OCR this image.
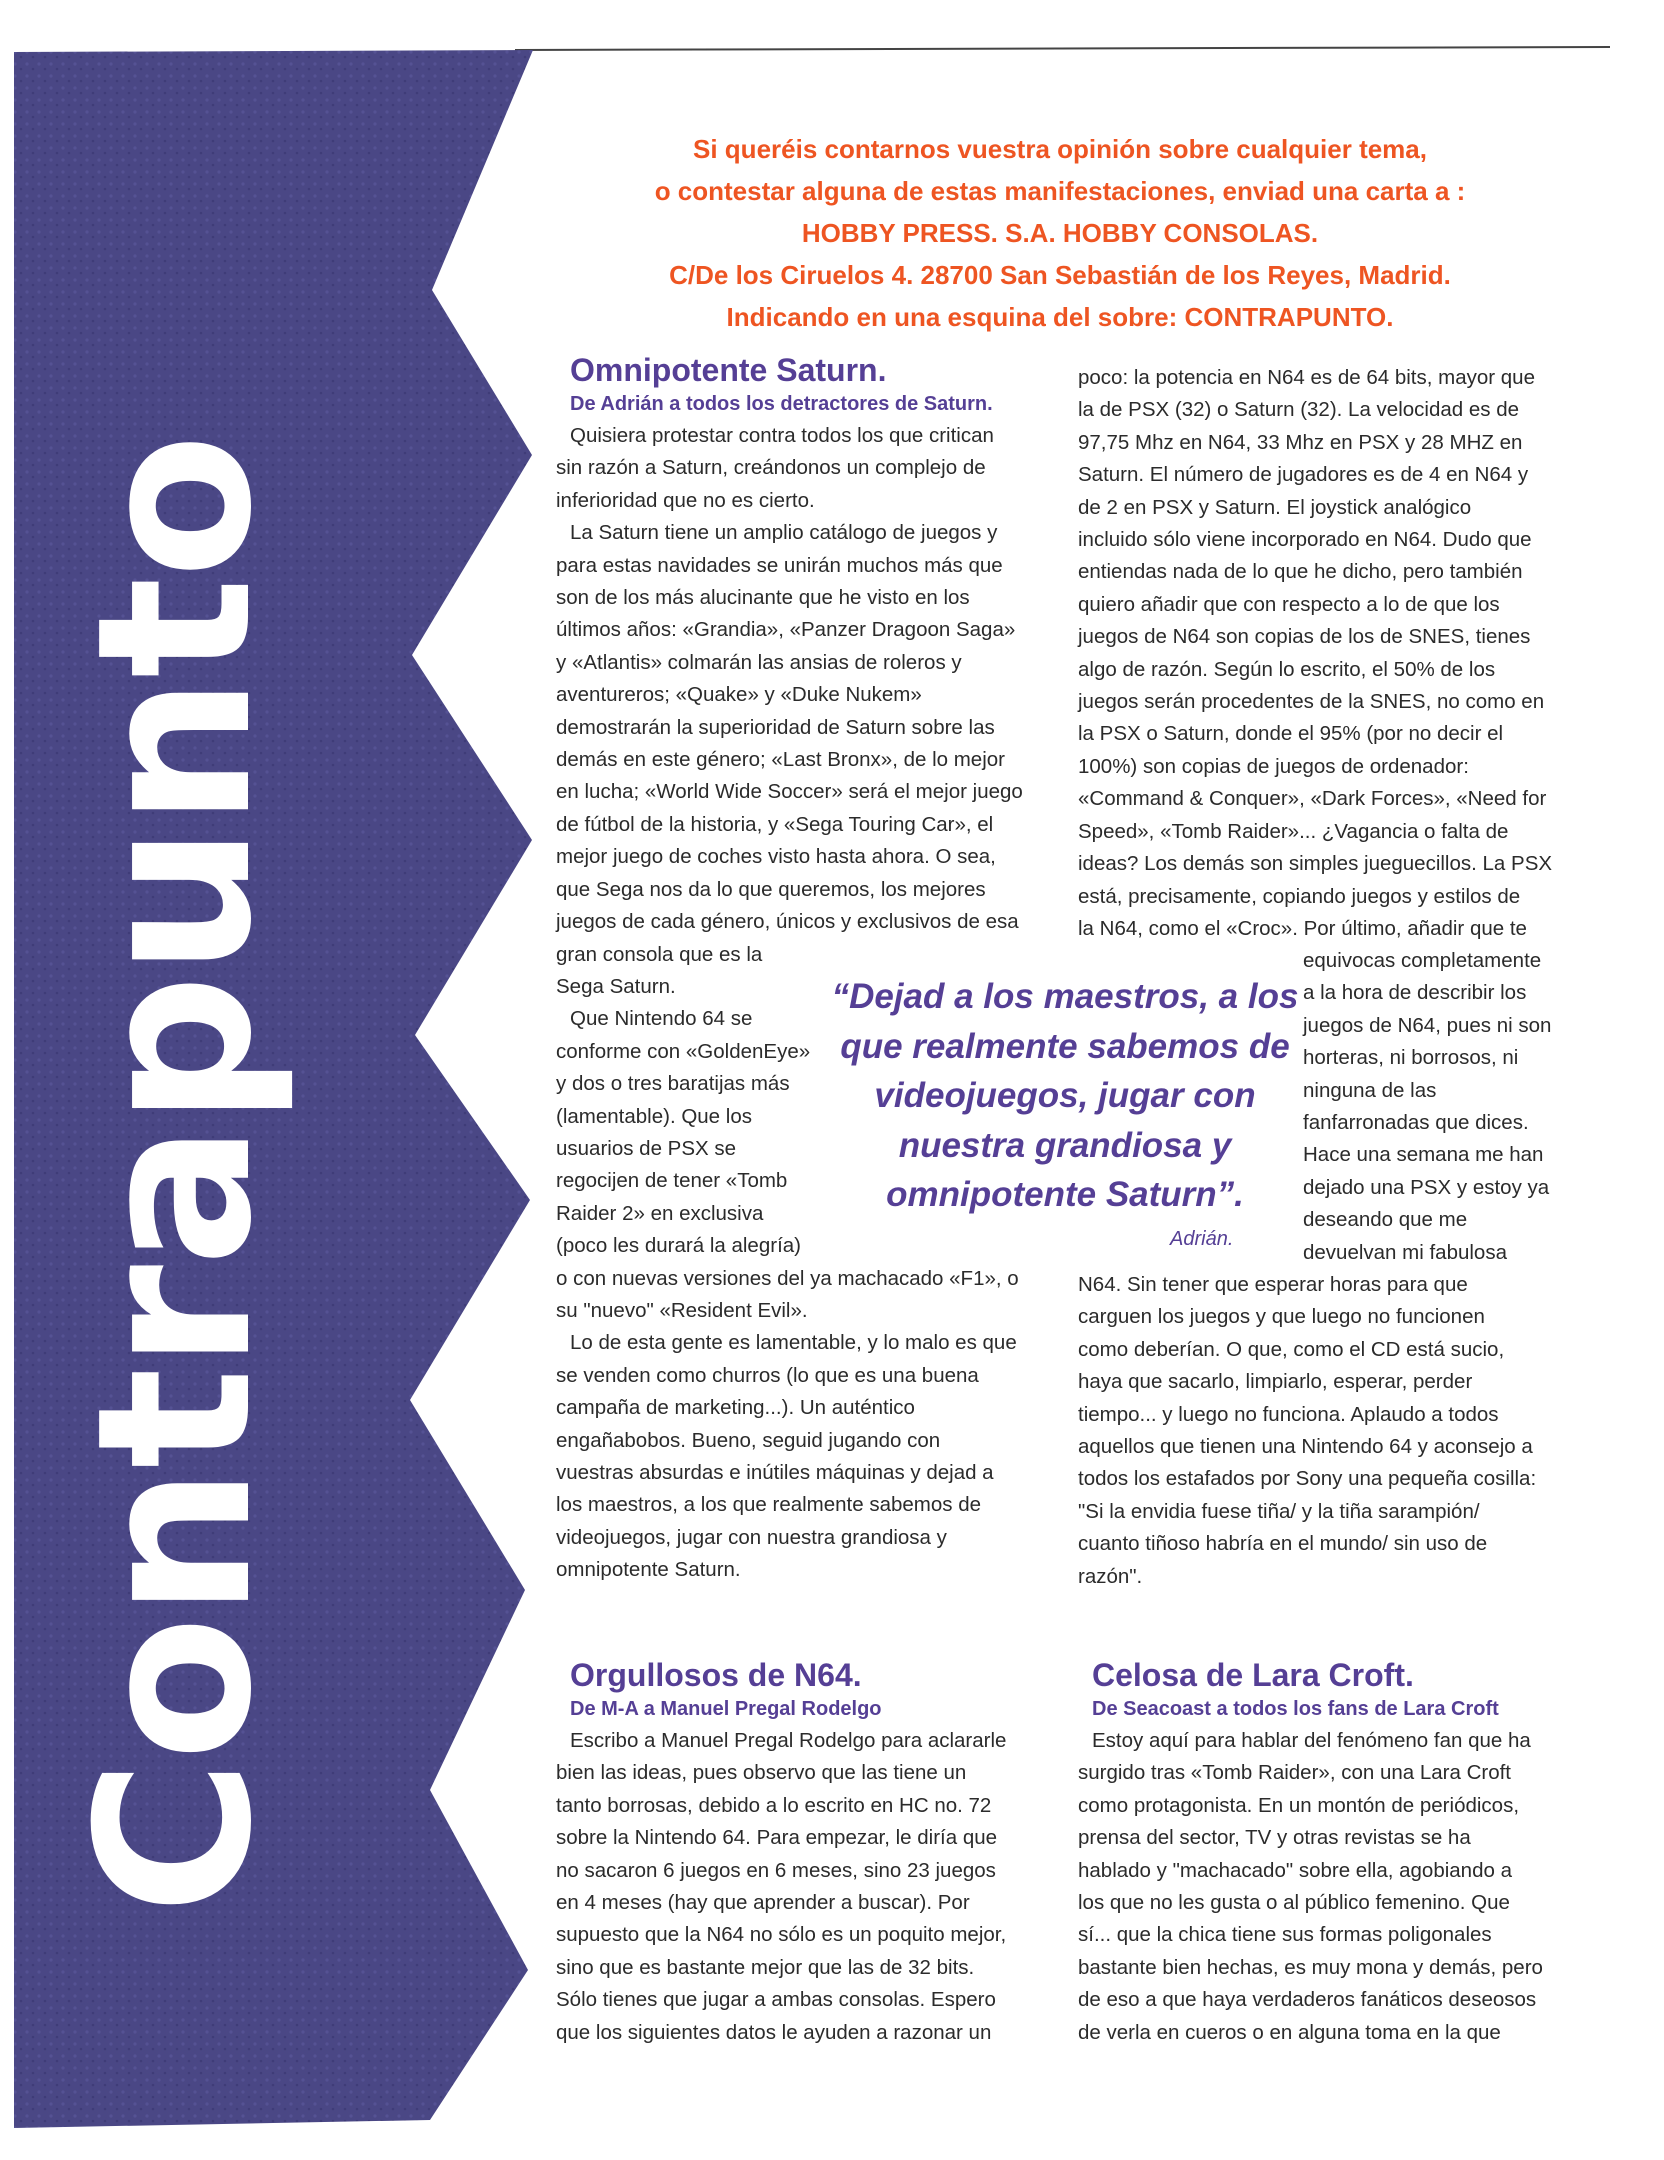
Contrapunto
Si queréis contarnos vuestra opinión sobre cualquier tema,
o contestar alguna de estas manifestaciones, enviad una carta a :
HOBBY PRESS. S.A. HOBBY CONSOLAS.
C/De los Ciruelos 4. 28700 San Sebastián de los Reyes, Madrid.
Indicando en una esquina del sobre: CONTRAPUNTO.
Omnipotente Saturn.
De Adrián a todos los detractores de Saturn.
Quisiera protestar contra todos los que critican
sin razón a Saturn, creándonos un complejo de
inferioridad que no es cierto.
La Saturn tiene un amplio catálogo de juegos y
para estas navidades se unirán muchos más que
son de los más alucinante que he visto en los
últimos años: «Grandia», «Panzer Dragoon Saga»
y «Atlantis» colmarán las ansias de roleros y
aventureros; «Quake» y «Duke Nukem»
demostrarán la superioridad de Saturn sobre las
demás en este género; «Last Bronx», de lo mejor
en lucha; «World Wide Soccer» será el mejor juego
de fútbol de la historia, y «Sega Touring Car», el
mejor juego de coches visto hasta ahora. O sea,
que Sega nos da lo que queremos, los mejores
juegos de cada género, únicos y exclusivos de esa
gran consola que es la
Sega Saturn.
Que Nintendo 64 se
conforme con «GoldenEye»
y dos o tres baratijas más
(lamentable). Que los
usuarios de PSX se
regocijen de tener «Tomb
Raider 2» en exclusiva
(poco les durará la alegría)
o con nuevas versiones del ya machacado «F1», o
su "nuevo" «Resident Evil».
Lo de esta gente es lamentable, y lo malo es que
se venden como churros (lo que es una buena
campaña de marketing...). Un auténtico
engañabobos. Bueno, seguid jugando con
vuestras absurdas e inútiles máquinas y dejad a
los maestros, a los que realmente sabemos de
videojuegos, jugar con nuestra grandiosa y
omnipotente Saturn.
poco: la potencia en N64 es de 64 bits, mayor que
la de PSX (32) o Saturn (32). La velocidad es de
97,75 Mhz en N64, 33 Mhz en PSX y 28 MHZ en
Saturn. El número de jugadores es de 4 en N64 y
de 2 en PSX y Saturn. El joystick analógico
incluido sólo viene incorporado en N64. Dudo que
entiendas nada de lo que he dicho, pero también
quiero añadir que con respecto a lo de que los
juegos de N64 son copias de los de SNES, tienes
algo de razón. Según lo escrito, el 50% de los
juegos serán procedentes de la SNES, no como en
la PSX o Saturn, donde el 95% (por no decir el
100%) son copias de juegos de ordenador:
«Command & Conquer», «Dark Forces», «Need for
Speed», «Tomb Raider»... ¿Vagancia o falta de
ideas? Los demás son simples jueguecillos. La PSX
está, precisamente, copiando juegos y estilos de
la N64, como el «Croc». Por último, añadir que te
equivocas completamente
a la hora de describir los
juegos de N64, pues ni son
horteras, ni borrosos, ni
ninguna de las
fanfarronadas que dices.
Hace una semana me han
dejado una PSX y estoy ya
deseando que me
devuelvan mi fabulosa
N64. Sin tener que esperar horas para que
carguen los juegos y que luego no funcionen
como deberían. O que, como el CD está sucio,
haya que sacarlo, limpiarlo, esperar, perder
tiempo... y luego no funciona. Aplaudo a todos
aquellos que tienen una Nintendo 64 y aconsejo a
todos los estafados por Sony una pequeña cosilla:
"Si la envidia fuese tiña/ y la tiña sarampión/
cuanto tiñoso habría en el mundo/ sin uso de
razón".
“Dejad a los maestros, a los
que realmente sabemos de
videojuegos, jugar con
nuestra grandiosa y
omnipotente Saturn”.
Adrián.
Orgullosos de N64.
De M-A a Manuel Pregal Rodelgo
Escribo a Manuel Pregal Rodelgo para aclararle
bien las ideas, pues observo que las tiene un
tanto borrosas, debido a lo escrito en HC no. 72
sobre la Nintendo 64. Para empezar, le diría que
no sacaron 6 juegos en 6 meses, sino 23 juegos
en 4 meses (hay que aprender a buscar). Por
supuesto que la N64 no sólo es un poquito mejor,
sino que es bastante mejor que las de 32 bits.
Sólo tienes que jugar a ambas consolas. Espero
que los siguientes datos le ayuden a razonar un
Celosa de Lara Croft.
De Seacoast a todos los fans de Lara Croft
Estoy aquí para hablar del fenómeno fan que ha
surgido tras «Tomb Raider», con una Lara Croft
como protagonista. En un montón de periódicos,
prensa del sector, TV y otras revistas se ha
hablado y "machacado" sobre ella, agobiando a
los que no les gusta o al público femenino. Que
sí... que la chica tiene sus formas poligonales
bastante bien hechas, es muy mona y demás, pero
de eso a que haya verdaderos fanáticos deseosos
de verla en cueros o en alguna toma en la que
